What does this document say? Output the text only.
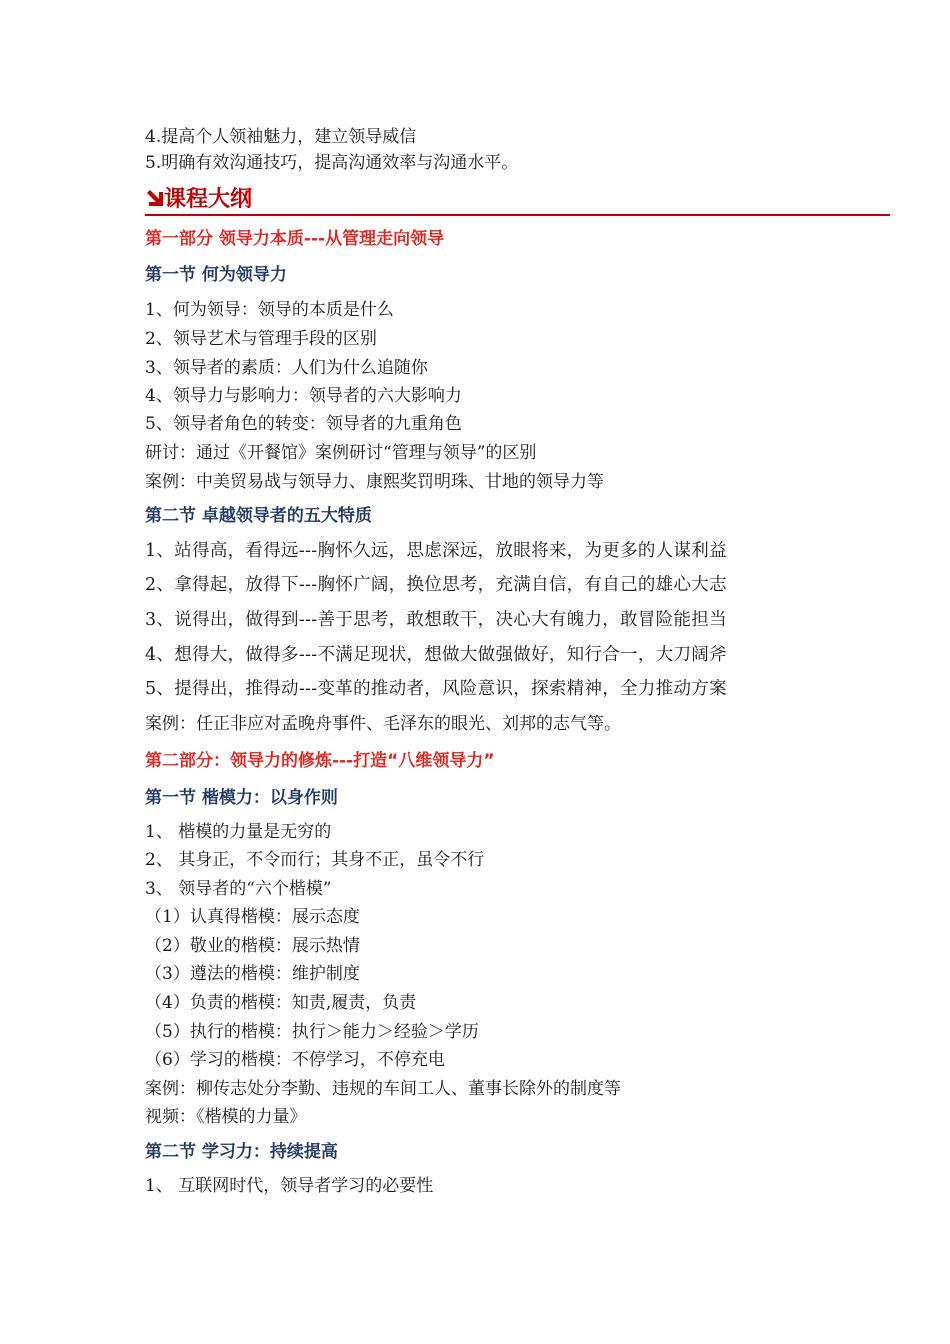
4.提高个人领袖魅力，建立领导威信
5.明确有效沟通技巧，提高沟通效率与沟通水平。
课程大纲
第一部分 领导力本质---从管理走向领导
第一节 何为领导力
1、何为领导：领导的本质是什么
2、领导艺术与管理手段的区别
3、领导者的素质：人们为什么追随你
4、领导力与影响力：领导者的六大影响力
5、领导者角色的转变：领导者的九重角色
研讨：通过《开餐馆》案例研讨“管理与领导”的区别
案例：中美贸易战与领导力、康熙奖罚明珠、甘地的领导力等
第二节 卓越领导者的五大特质
1、站得高，看得远---胸怀久远，思虑深远，放眼将来，为更多的人谋利益
2、拿得起，放得下---胸怀广阔，换位思考，充满自信，有自己的雄心大志
3、说得出，做得到---善于思考，敢想敢干，决心大有魄力，敢冒险能担当
4、想得大，做得多---不满足现状，想做大做强做好，知行合一，大刀阔斧
5、提得出，推得动---变革的推动者，风险意识，探索精神，全力推动方案
案例：任正非应对孟晚舟事件、毛泽东的眼光、刘邦的志气等。
第二部分：领导力的修炼---打造“八维领导力”
第一节 楷模力：以身作则
1、 楷模的力量是无穷的
2、 其身正，不令而行；其身不正，虽令不行
3、 领导者的“六个楷模”
（1）认真得楷模：展示态度
（2）敬业的楷模：展示热情
（3）遵法的楷模：维护制度
（4）负责的楷模：知责,履责，负责
（5）执行的楷模：执行＞能力＞经验＞学历
（6）学习的楷模：不停学习，不停充电
案例：柳传志处分李勤、违规的车间工人、董事长除外的制度等
视频：《楷模的力量》
第二节 学习力：持续提高
1、 互联网时代，领导者学习的必要性
